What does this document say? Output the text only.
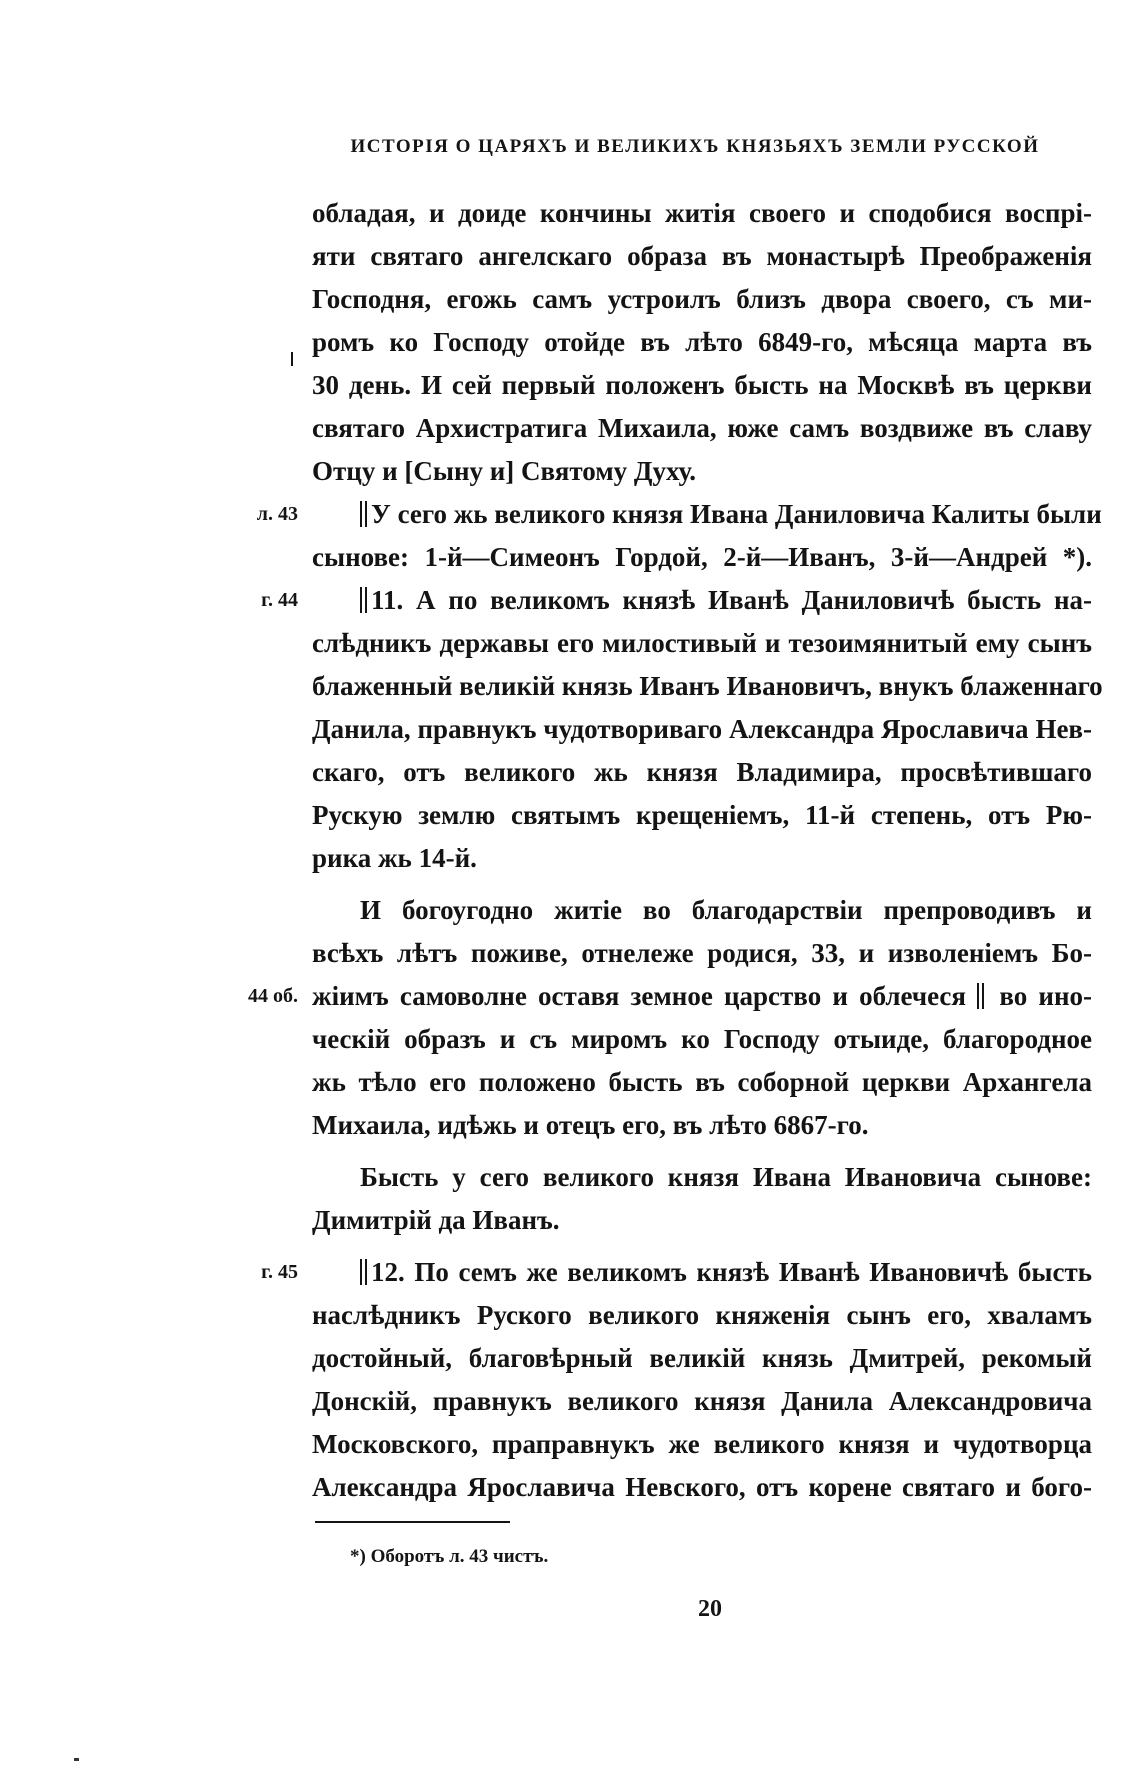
ИСТОРІЯ О ЦАРЯХЪ И ВЕЛИКИХЪ КНЯЗЬЯХЪ ЗЕМЛИ РУССКОЙ
обладая, и доиде кончины житія своего и сподобися воспрі-
яти святаго ангелскаго образа въ монастырѣ Преображенія
Господня, егожь самъ устроилъ близъ двора своего, съ ми-
ромъ ко Господу отойде въ лѣто 6849-го, мѣсяца марта въ
30 день. И сей первый положенъ бысть на Москвѣ въ церкви
святаго Архистратига Михаила, юже самъ воздвиже въ славу
Отцу и [Сыну и] Святому Духу.
л. 43	У сего жь великого князя Ивана Даниловича Калиты были
сынове: 1-й—Симеонъ Гордой, 2-й—Иванъ, 3-й—Андрей *).
г. 44	11. А по великомъ князѣ Иванѣ Даниловичѣ бысть на-
слѣдникъ державы его милостивый и тезоимянитый ему сынъ
блаженный великій князь Иванъ Ивановичъ, внукъ блаженнаго
Данила, правнукъ чудотвориваго Александра Ярославича Нев-
скаго, отъ великого жь князя Владимира, просвѣтившаго
Рускую землю святымъ крещеніемъ, 11-й степень, отъ Рю-
рика жь 14-й.
И богоугодно житіе во благодарствіи препроводивъ и
всѣхъ лѣтъ поживе, отнележе родися, 33, и изволеніемъ Бо-
44 об. жіимъ самоволне оставя земное царство и облечеся во ино-
ческій образъ и съ миромъ ко Господу отыиде, благородное
жь тѣло его положено бысть въ соборной церкви Архангела
Михаила, идѣжь и отецъ его, въ лѣто 6867-го.
Бысть у сего великого князя Ивана Ивановича сынове:
Димитрій да Иванъ.
г. 45	12. По семъ же великомъ князѣ Иванѣ Ивановичѣ бысть
наслѣдникъ Руского великого княженія сынъ его, хваламъ
достойный, благовѣрный великій князь Дмитрей, рекомый
Донскій, правнукъ великого князя Данила Александровича
Московского, праправнукъ же великого князя и чудотворца
Александра Ярославича Невского, отъ корене святаго и бого-
*) Оборотъ л. 43 чистъ.
20
